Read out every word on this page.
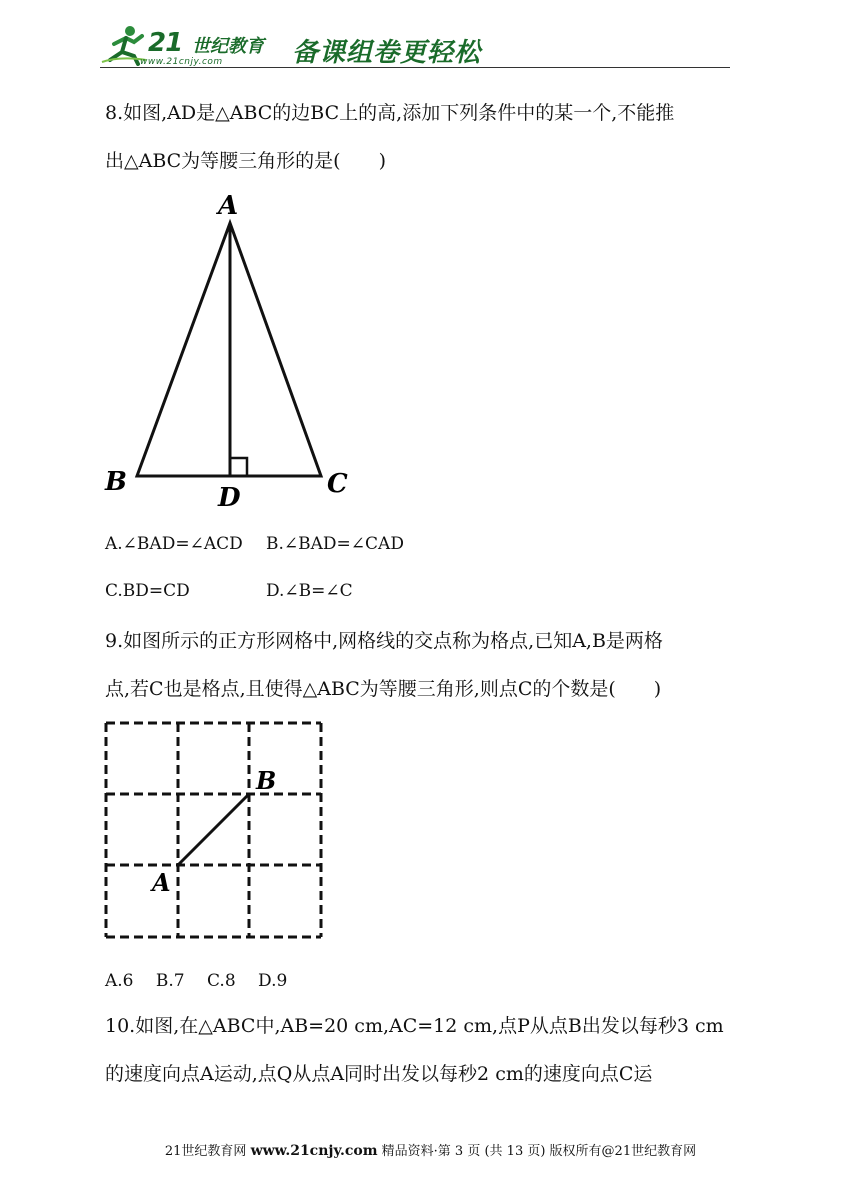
21 世纪教育
www.21cnjy.com	备课组卷更轻松
8.如图,AD是△ABC的边BC上的高,添加下列条件中的某一个,不能推
出△ABC为等腰三角形的是(　　)
A
B	C
D
A.∠BAD=∠ACD B.∠BAD=∠CAD
C.BD=CD	D.∠B=∠C
9.如图所示的正方形网格中,网格线的交点称为格点,已知A,B是两格
点,若C也是格点,且使得△ABC为等腰三角形,则点C的个数是(　　)
A
B
A.6　 B.7　 C.8　 D.9
10.如图,在△ABC中,AB=20 cm,AC=12 cm,点P从点B出发以每秒3 cm
的速度向点A运动,点Q从点A同时出发以每秒2 cm的速度向点C运
21世纪教育网 www.21cnjy.com 精品资料·第 3 页 (共 13 页) 版权所有@21世纪教育网
